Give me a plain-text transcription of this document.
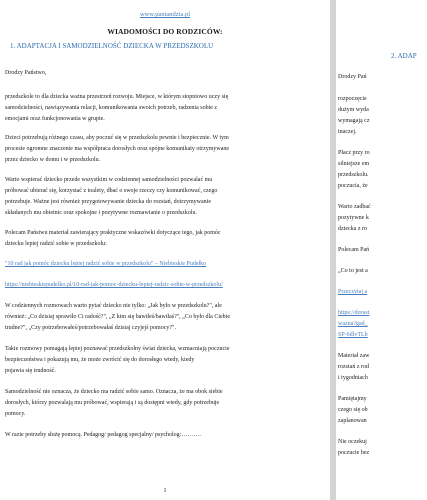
www.paniandzia.pl
WIADOMOŚCI DO RODZICÓW:
1. ADAPTACJA I SAMODZIELNOŚĆ DZIECKA W PRZEDSZKOLU
Drodzy Państwo,
przedszkole to dla dziecka ważna przestrzeń rozwoju. Miejsce, w którym stopniowo uczy się
samodzielności, nawiązywania relacji, komunikowania swoich potrzeb, radzenia sobie z
emocjami oraz funkcjonowania w grupie.
Dzieci potrzebują różnego czasu, aby poczuć się w przedszkolu pewnie i bezpiecznie. W tym
procesie ogromne znaczenie ma współpraca dorosłych oraz spójne komunikaty otrzymywane
przez dziecko w domu i w przedszkolu.
Warto wspierać dziecko przede wszystkim w codziennej samodzielności pozwalać mu
próbować ubierać się, korzystać z toalety, dbać o swoje rzeczy czy komunikować, czego
potrzebuje. Ważne jest również przygotowywanie dziecka do rozstań, dotrzymywanie
składanych mu obietnic oraz spokojne i pozytywne rozmawianie o przedszkolu.
Polecam Państwu materiał zawierający praktyczne wskazówki dotyczące tego, jak pomóc
dziecku lepiej radzić sobie w przedszkolu:
"10 rad jak pomóc dziecku lepiej radzić sobie w przedszkolu" – Niebieskie Pudełko
https://niebieskiepudelko.pl/10-rad-jak-pomoc-dziecku-lepiej-radzic-sobie-w-przedszkolu/
W codziennych rozmowach warto pytać dziecko nie tylko: „Jak było w przedszkolu?", ale
również: „Co dzisiaj sprawiło Ci radość?", „Z kim się bawiłeś/bawiłaś?", „Co było dla Ciebie
trudne?", „Czy potrzebowałeś/potrzebowałaś dzisiaj czyjejś pomocy?".
Takie rozmowy pomagają lepiej poznawać przedszkolny świat dziecka, wzmacniają poczucie
bezpieczeństwa i pokazują mu, że może zwrócić się do dorosłego wtedy, kiedy
pojawia się trudność.
Samodzielność nie oznacza, że dziecko ma radzić sobie samo. Oznacza, że ma obok siebie
dorosłych, którzy pozwalają mu próbować, wspierają i są dostępni wtedy, gdy potrzebuje
pomocy.
W razie potrzeby służę pomocą. Pedagog/ pedagog specjalny/ psycholog:……….
1
2. ADAP
Drodzy Pań
rozpoczęcie
dużym wyda
wymagają cz
inaczej.
Płacz przy ro
silniejsze em
przedszkolu.
poczucia, że
Warto zadbać
pozytywne k
dziecka z ro
Polecam Pań
„Co to jest a
Przeczytaj a
https://dorast
wazna?gad_
SP-6dlvTLb
Materiał zaw
rozstań z rod
i tygodniach
Pamiętajmy
czego się ob
zaplanowan
Nie oczekuj
poczucie bez
